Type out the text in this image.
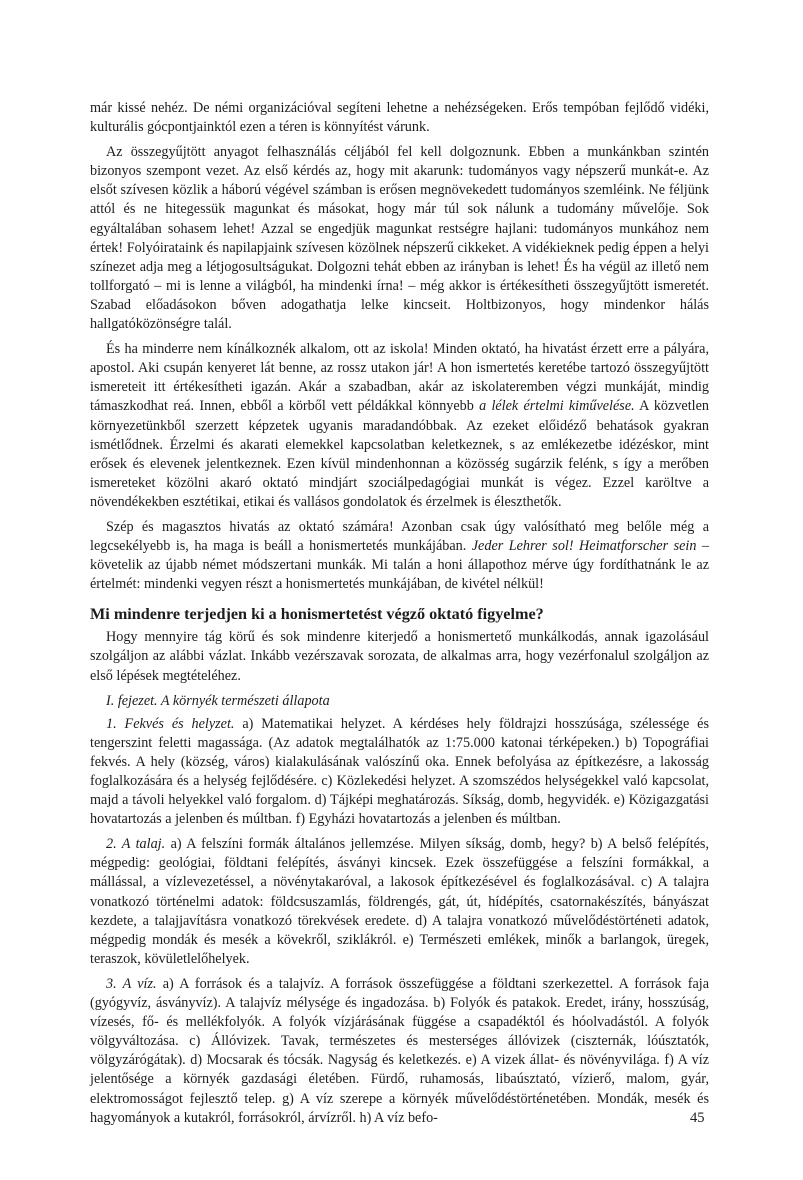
már kissé nehéz. De némi organizációval segíteni lehetne a nehézségeken. Erős tempóban fejlődő vidéki, kulturális gócpontjainktól ezen a téren is könnyítést várunk.

Az összegyűjtött anyagot felhasználás céljából fel kell dolgoznunk. Ebben a munkánkban szintén bizonyos szempont vezet. Az első kérdés az, hogy mit akarunk: tudományos vagy népszerű munkát-e. Az elsőt szívesen közlik a háború végével számban is erősen megnövekedett tudományos szemléink. Ne féljünk attól és ne hitegessük magunkat és másokat, hogy már túl sok nálunk a tudomány művelője. Sok egyáltalában sohasem lehet! Azzal se engedjük magunkat restségre hajlani: tudományos munkához nem értek! Folyóirataink és napilapjaink szívesen közölnek népszerű cikkeket. A vidékieknek pedig éppen a helyi színezet adja meg a létjogosultságukat. Dolgozni tehát ebben az irányban is lehet! És ha végül az illető nem tollforgató – mi is lenne a világból, ha mindenki írna! – még akkor is értékesítheti összegyűjtött ismeretét. Szabad előadásokon bőven adogathatja lelke kincseit. Holtbizonyos, hogy mindenkor hálás hallgatóközönségre talál.

És ha minderre nem kínálkoznék alkalom, ott az iskola! Minden oktató, ha hivatást érzett erre a pályára, apostol. Aki csupán kenyeret lát benne, az rossz utakon jár! A hon ismertetés keretébe tartozó összegyűjtött ismereteit itt értékesítheti igazán. Akár a szabadban, akár az iskolateremben végzi munkáját, mindig támaszkodhat reá. Innen, ebből a körből vett példákkal könnyebb a lélek értelmi kiművelése. A közvetlen környezetünkből szerzett képzetek ugyanis maradandóbbak. Az ezeket előidéző behatások gyakran ismétlődnek. Érzelmi és akarati elemekkel kapcsolatban keletkeznek, s az emlékezetbe idézéskor, mint erősek és elevenek jelentkeznek. Ezen kívül mindenhonnan a közösség sugárzik felénk, s így a merőben ismereteket közölni akaró oktató mindjárt szociálpedagógiai munkát is végez. Ezzel karöltve a növendékekben esztétikai, etikai és vallásos gondolatok és érzelmek is éleszthetők.

Szép és magasztos hivatás az oktató számára! Azonban csak úgy valósítható meg belőle még a legcsekélyebb is, ha maga is beáll a honismertetés munkájában. Jeder Lehrer sol! Heimatforscher sein – követelik az újabb német módszertani munkák. Mi talán a honi állapothoz mérve úgy fordíthatnánk le az értelmét: mindenki vegyen részt a honismertetés munkájában, de kivétel nélkül!

Mi mindenre terjedjen ki a honismertetést végző oktató figyelme?

Hogy mennyire tág körű és sok mindenre kiterjedő a honismertető munkálkodás, annak igazolásául szolgáljon az alábbi vázlat. Inkább vezérszavak sorozata, de alkalmas arra, hogy vezérfonalul szolgáljon az első lépések megtételéhez.

I. fejezet. A környék természeti állapota

1. Fekvés és helyzet. a) Matematikai helyzet. A kérdéses hely földrajzi hosszúsága, szélessége és tengerszint feletti magassága. (Az adatok megtalálhatók az 1:75.000 katonai térképeken.) b) Topográfiai fekvés. A hely (község, város) kialakulásának valószínű oka. Ennek befolyása az építkezésre, a lakosság foglalkozására és a helység fejlődésére. c) Közlekedési helyzet. A szomszédos helységekkel való kapcsolat, majd a távoli helyekkel való forgalom. d) Tájképi meghatározás. Síkság, domb, hegyvidék. e) Közigazgatási hovatartozás a jelenben és múltban. f) Egyházi hovatartozás a jelenben és múltban.

2. A talaj. a) A felszíni formák általános jellemzése. Milyen síkság, domb, hegy? b) A belső felépítés, mégpedig: geológiai, földtani felépítés, ásványi kincsek. Ezek összefüggése a felszíni formákkal, a mállással, a vízlevezetéssel, a növénytakaróval, a lakosok építkezésével és foglalkozásával. c) A talajra vonatkozó történelmi adatok: földcsuszamlás, földrengés, gát, út, hídépítés, csatornakészítés, bányászat kezdete, a talajjavításra vonatkozó törekvések eredete. d) A talajra vonatkozó művelődéstörténeti adatok, mégpedig mondák és mesék a kövekről, sziklákról. e) Természeti emlékek, minők a barlangok, üregek, teraszok, kövületlelőhelyek.

3. A víz. a) A források és a talajvíz. A források összefüggése a földtani szerkezettel. A források faja (gyógyvíz, ásványvíz). A talajvíz mélysége és ingadozása. b) Folyók és patakok. Eredet, irány, hosszúság, vízesés, fő- és mellékfolyók. A folyók vízjárásának függése a csapadéktól és hóolvadástól. A folyók völgyváltozása. c) Állóvizek. Tavak, természetes és mesterséges állóvizek (ciszternák, lóúsztatók, völgyzárógátak). d) Mocsarak és tócsák. Nagyság és keletkezés. e) A vizek állat- és növényvilága. f) A víz jelentősége a környék gazdasági életében. Fürdő, ruhamosás, libaúsztató, vízierő, malom, gyár, elektromosságot fejlesztő telep. g) A víz szerepe a környék művelődéstörténetében. Mondák, mesék és hagyományok a kutakról, forrásokról, árvízről. h) A víz befo-	45
